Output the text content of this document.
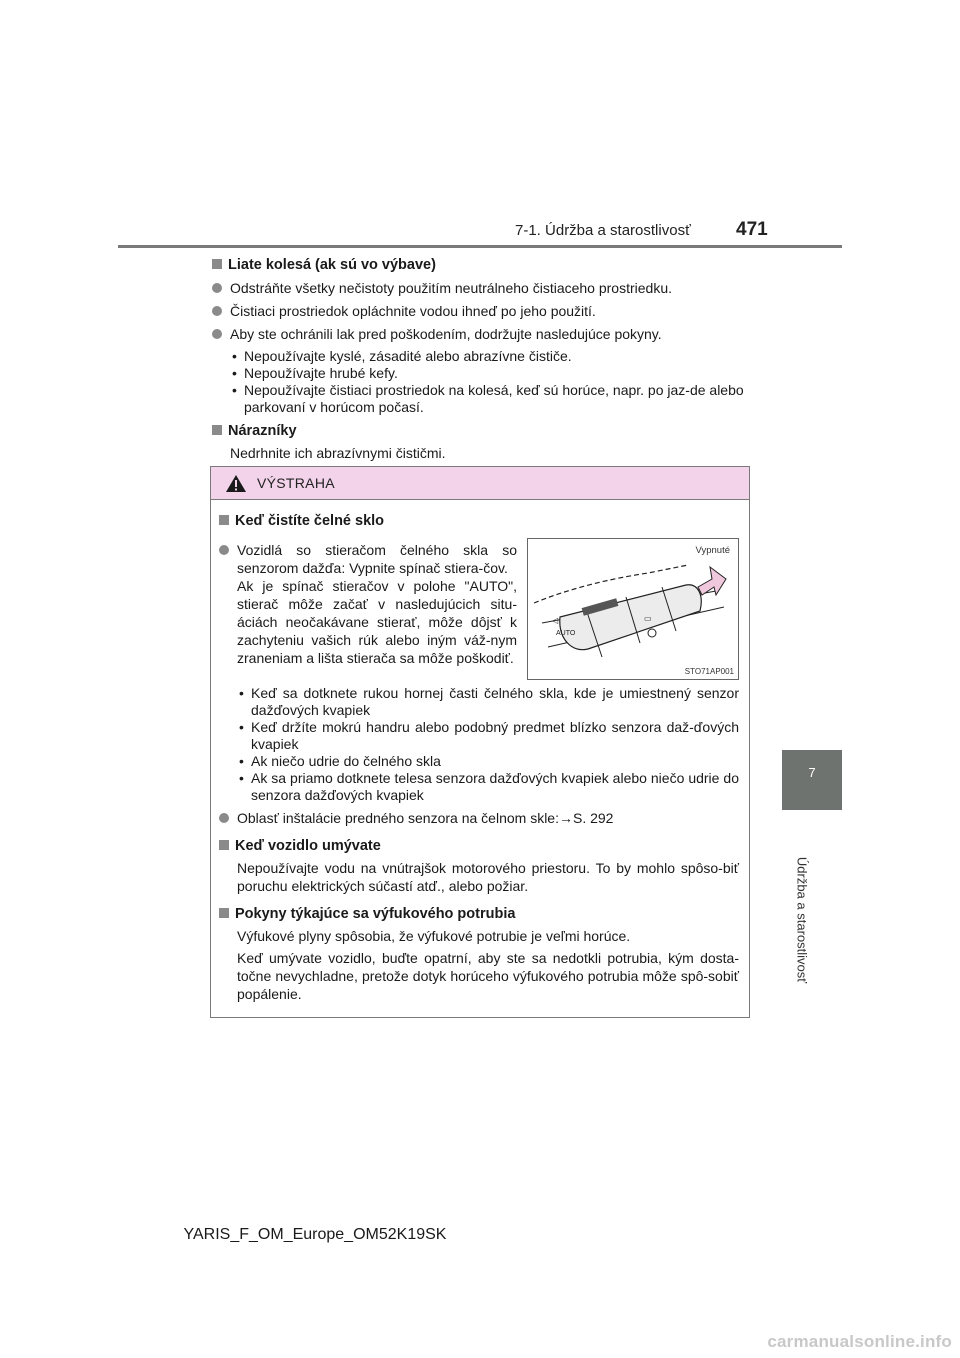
7-1. Údržba a starostlivosť 471
7
Údržba a starostlivosť

Liate kolesá (ak sú vo výbave)

Odstráňte všetky nečistoty použitím neutrálneho čistiaceho prostriedku.
Čistiaci prostriedok opláchnite vodou ihneď po jeho použití.
Aby ste ochránili lak pred poškodením, dodržujte nasledujúce pokyny.
• Nepoužívajte kyslé, zásadité alebo abrazívne čističe.
• Nepoužívajte hrubé kefy.
• Nepoužívajte čistiaci prostriedok na kolesá, keď sú horúce, napr. po jaz-de alebo parkovaní v horúcom počasí.

Nárazníky

Nedrhnite ich abrazívnymi čističmi.
VÝSTRAHA

Keď čistíte čelné sklo

Vozidlá so stieračom čelného skla so senzorom dažďa: Vypnite spínač stiera-čov.
Ak je spínač stieračov v polohe "AUTO", stierač môže začať v nasledujúcich situ-áciách neočakávane stierať, môže dôjsť k zachyteniu vašich rúk alebo iným váž-nym zraneniam a lišta stierača sa môže poškodiť.
AUTO
◁	▭
Vypnuté
STO71AP001
• Keď sa dotknete rukou hornej časti čelného skla, kde je umiestnený senzor dažďových kvapiek
• Keď držíte mokrú handru alebo podobný predmet blízko senzora daž-ďových kvapiek
• Ak niečo udrie do čelného skla
• Ak sa priamo dotknete telesa senzora dažďových kvapiek alebo niečo udrie do senzora dažďových kvapiek
Oblasť inštalácie predného senzora na čelnom skle:→S. 292

Keď vozidlo umývate

Nepoužívajte vodu na vnútrajšok motorového priestoru. To by mohlo spôso-biť poruchu elektrických súčastí atď., alebo požiar.

Pokyny týkajúce sa výfukového potrubia

Výfukové plyny spôsobia, že výfukové potrubie je veľmi horúce.
Keď umývate vozidlo, buďte opatrní, aby ste sa nedotkli potrubia, kým dosta-točne nevychladne, pretože dotyk horúceho výfukového potrubia môže spô-sobiť popálenie.
YARIS_F_OM_Europe_OM52K19SK
carmanualsonline.info
